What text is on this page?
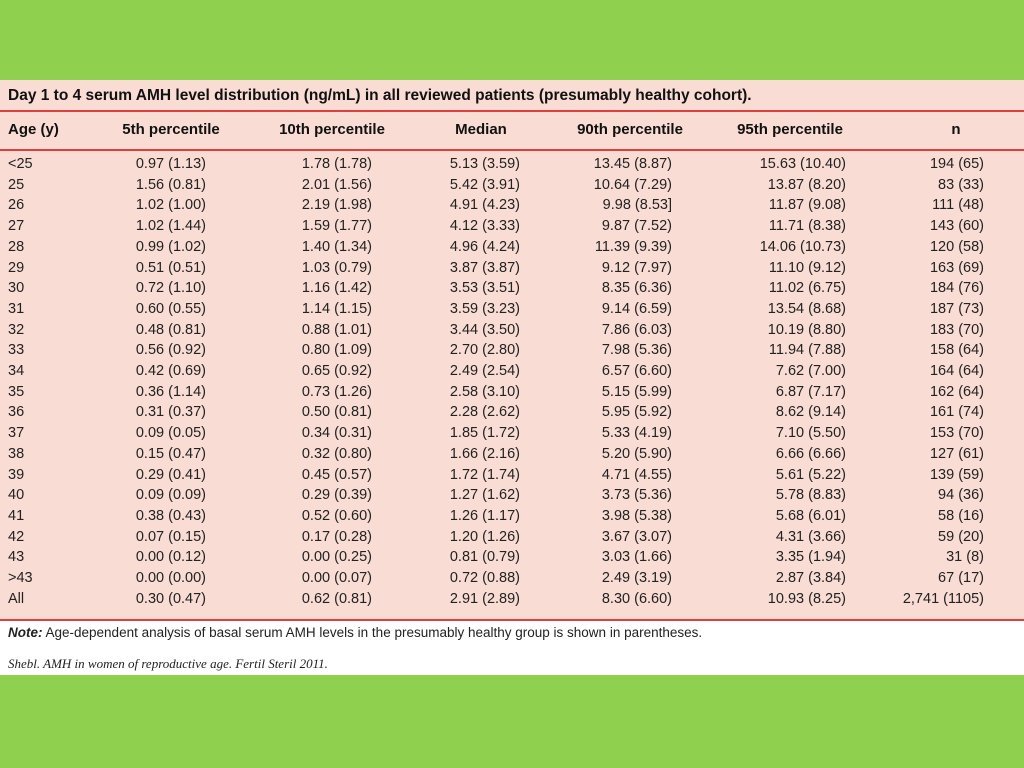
Day 1 to 4 serum AMH level distribution (ng/mL) in all reviewed patients (presumably healthy cohort).
Age (y)	5th percentile	10th percentile	Median	90th percentile	95th percentile	n
<25	0.97 (1.13)	1.78 (1.78)	5.13 (3.59)	13.45 (8.87)	15.63 (10.40)	194 (65)
25	1.56 (0.81)	2.01 (1.56)	5.42 (3.91)	10.64 (7.29)	13.87 (8.20)	83 (33)
26	1.02 (1.00)	2.19 (1.98)	4.91 (4.23)	9.98 (8.53]	11.87 (9.08)	111 (48)
27	1.02 (1.44)	1.59 (1.77)	4.12 (3.33)	9.87 (7.52)	11.71 (8.38)	143 (60)
28	0.99 (1.02)	1.40 (1.34)	4.96 (4.24)	11.39 (9.39)	14.06 (10.73)	120 (58)
29	0.51 (0.51)	1.03 (0.79)	3.87 (3.87)	9.12 (7.97)	11.10 (9.12)	163 (69)
30	0.72 (1.10)	1.16 (1.42)	3.53 (3.51)	8.35 (6.36)	11.02 (6.75)	184 (76)
31	0.60 (0.55)	1.14 (1.15)	3.59 (3.23)	9.14 (6.59)	13.54 (8.68)	187 (73)
32	0.48 (0.81)	0.88 (1.01)	3.44 (3.50)	7.86 (6.03)	10.19 (8.80)	183 (70)
33	0.56 (0.92)	0.80 (1.09)	2.70 (2.80)	7.98 (5.36)	11.94 (7.88)	158 (64)
34	0.42 (0.69)	0.65 (0.92)	2.49 (2.54)	6.57 (6.60)	7.62 (7.00)	164 (64)
35	0.36 (1.14)	0.73 (1.26)	2.58 (3.10)	5.15 (5.99)	6.87 (7.17)	162 (64)
36	0.31 (0.37)	0.50 (0.81)	2.28 (2.62)	5.95 (5.92)	8.62 (9.14)	161 (74)
37	0.09 (0.05)	0.34 (0.31)	1.85 (1.72)	5.33 (4.19)	7.10 (5.50)	153 (70)
38	0.15 (0.47)	0.32 (0.80)	1.66 (2.16)	5.20 (5.90)	6.66 (6.66)	127 (61)
39	0.29 (0.41)	0.45 (0.57)	1.72 (1.74)	4.71 (4.55)	5.61 (5.22)	139 (59)
40	0.09 (0.09)	0.29 (0.39)	1.27 (1.62)	3.73 (5.36)	5.78 (8.83)	94 (36)
41	0.38 (0.43)	0.52 (0.60)	1.26 (1.17)	3.98 (5.38)	5.68 (6.01)	58 (16)
42	0.07 (0.15)	0.17 (0.28)	1.20 (1.26)	3.67 (3.07)	4.31 (3.66)	59 (20)
43	0.00 (0.12)	0.00 (0.25)	0.81 (0.79)	3.03 (1.66)	3.35 (1.94)	31 (8)
>43	0.00 (0.00)	0.00 (0.07)	0.72 (0.88)	2.49 (3.19)	2.87 (3.84)	67 (17)
All	0.30 (0.47)	0.62 (0.81)	2.91 (2.89)	8.30 (6.60)	10.93 (8.25)	2,741 (1105)
Note: Age-dependent analysis of basal serum AMH levels in the presumably healthy group is shown in parentheses.
Shebl. AMH in women of reproductive age. Fertil Steril 2011.
